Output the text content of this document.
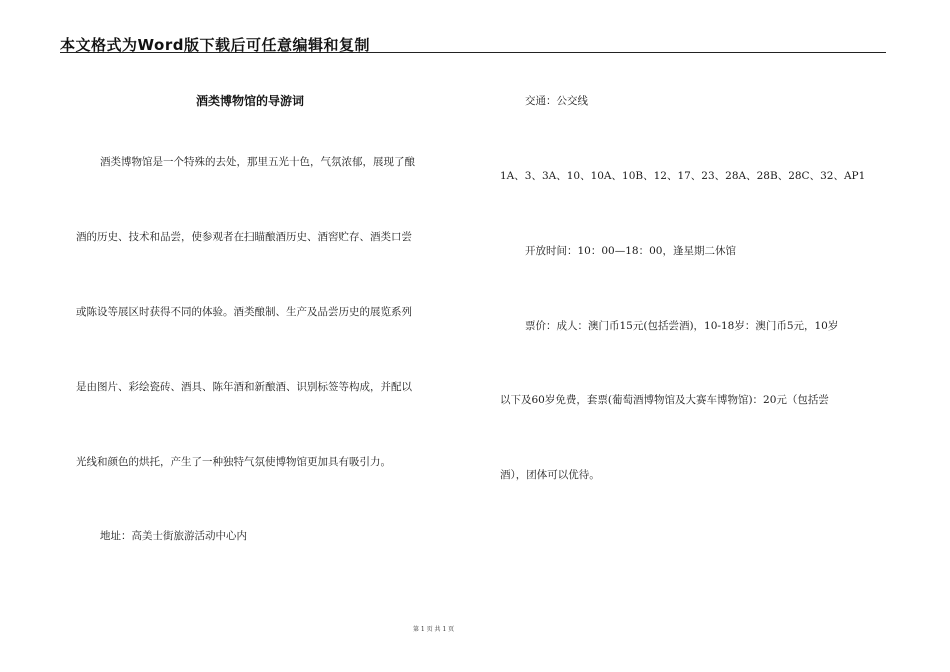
本文格式为Word版下载后可任意编辑和复制
酒类博物馆的导游词
酒类博物馆是一个特殊的去处，那里五光十色，气氛浓郁，展现了酿
酒的历史、技术和品尝，使参观者在扫瞄酿酒历史、酒窖贮存、酒类口尝
或陈设等展区时获得不同的体验。酒类酿制、生产及品尝历史的展览系列
是由图片、彩绘瓷砖、酒具、陈年酒和新酿酒、识别标签等构成，并配以
光线和颜色的烘托，产生了一种独特气氛使博物馆更加具有吸引力。
地址：高美士街旅游活动中心内
交通：公交线
1A、3、3A、10、10A、10B、12、17、23、28A、28B、28C、32、AP1
开放时间：10：00—18：00，逢星期二休馆
票价：成人：澳门币15元(包括尝酒)，10-18岁：澳门币5元，10岁
以下及60岁免费，套票(葡萄酒博物馆及大赛车博物馆)：20元（包括尝
酒），团体可以优待。
第 1 页 共 1 页
